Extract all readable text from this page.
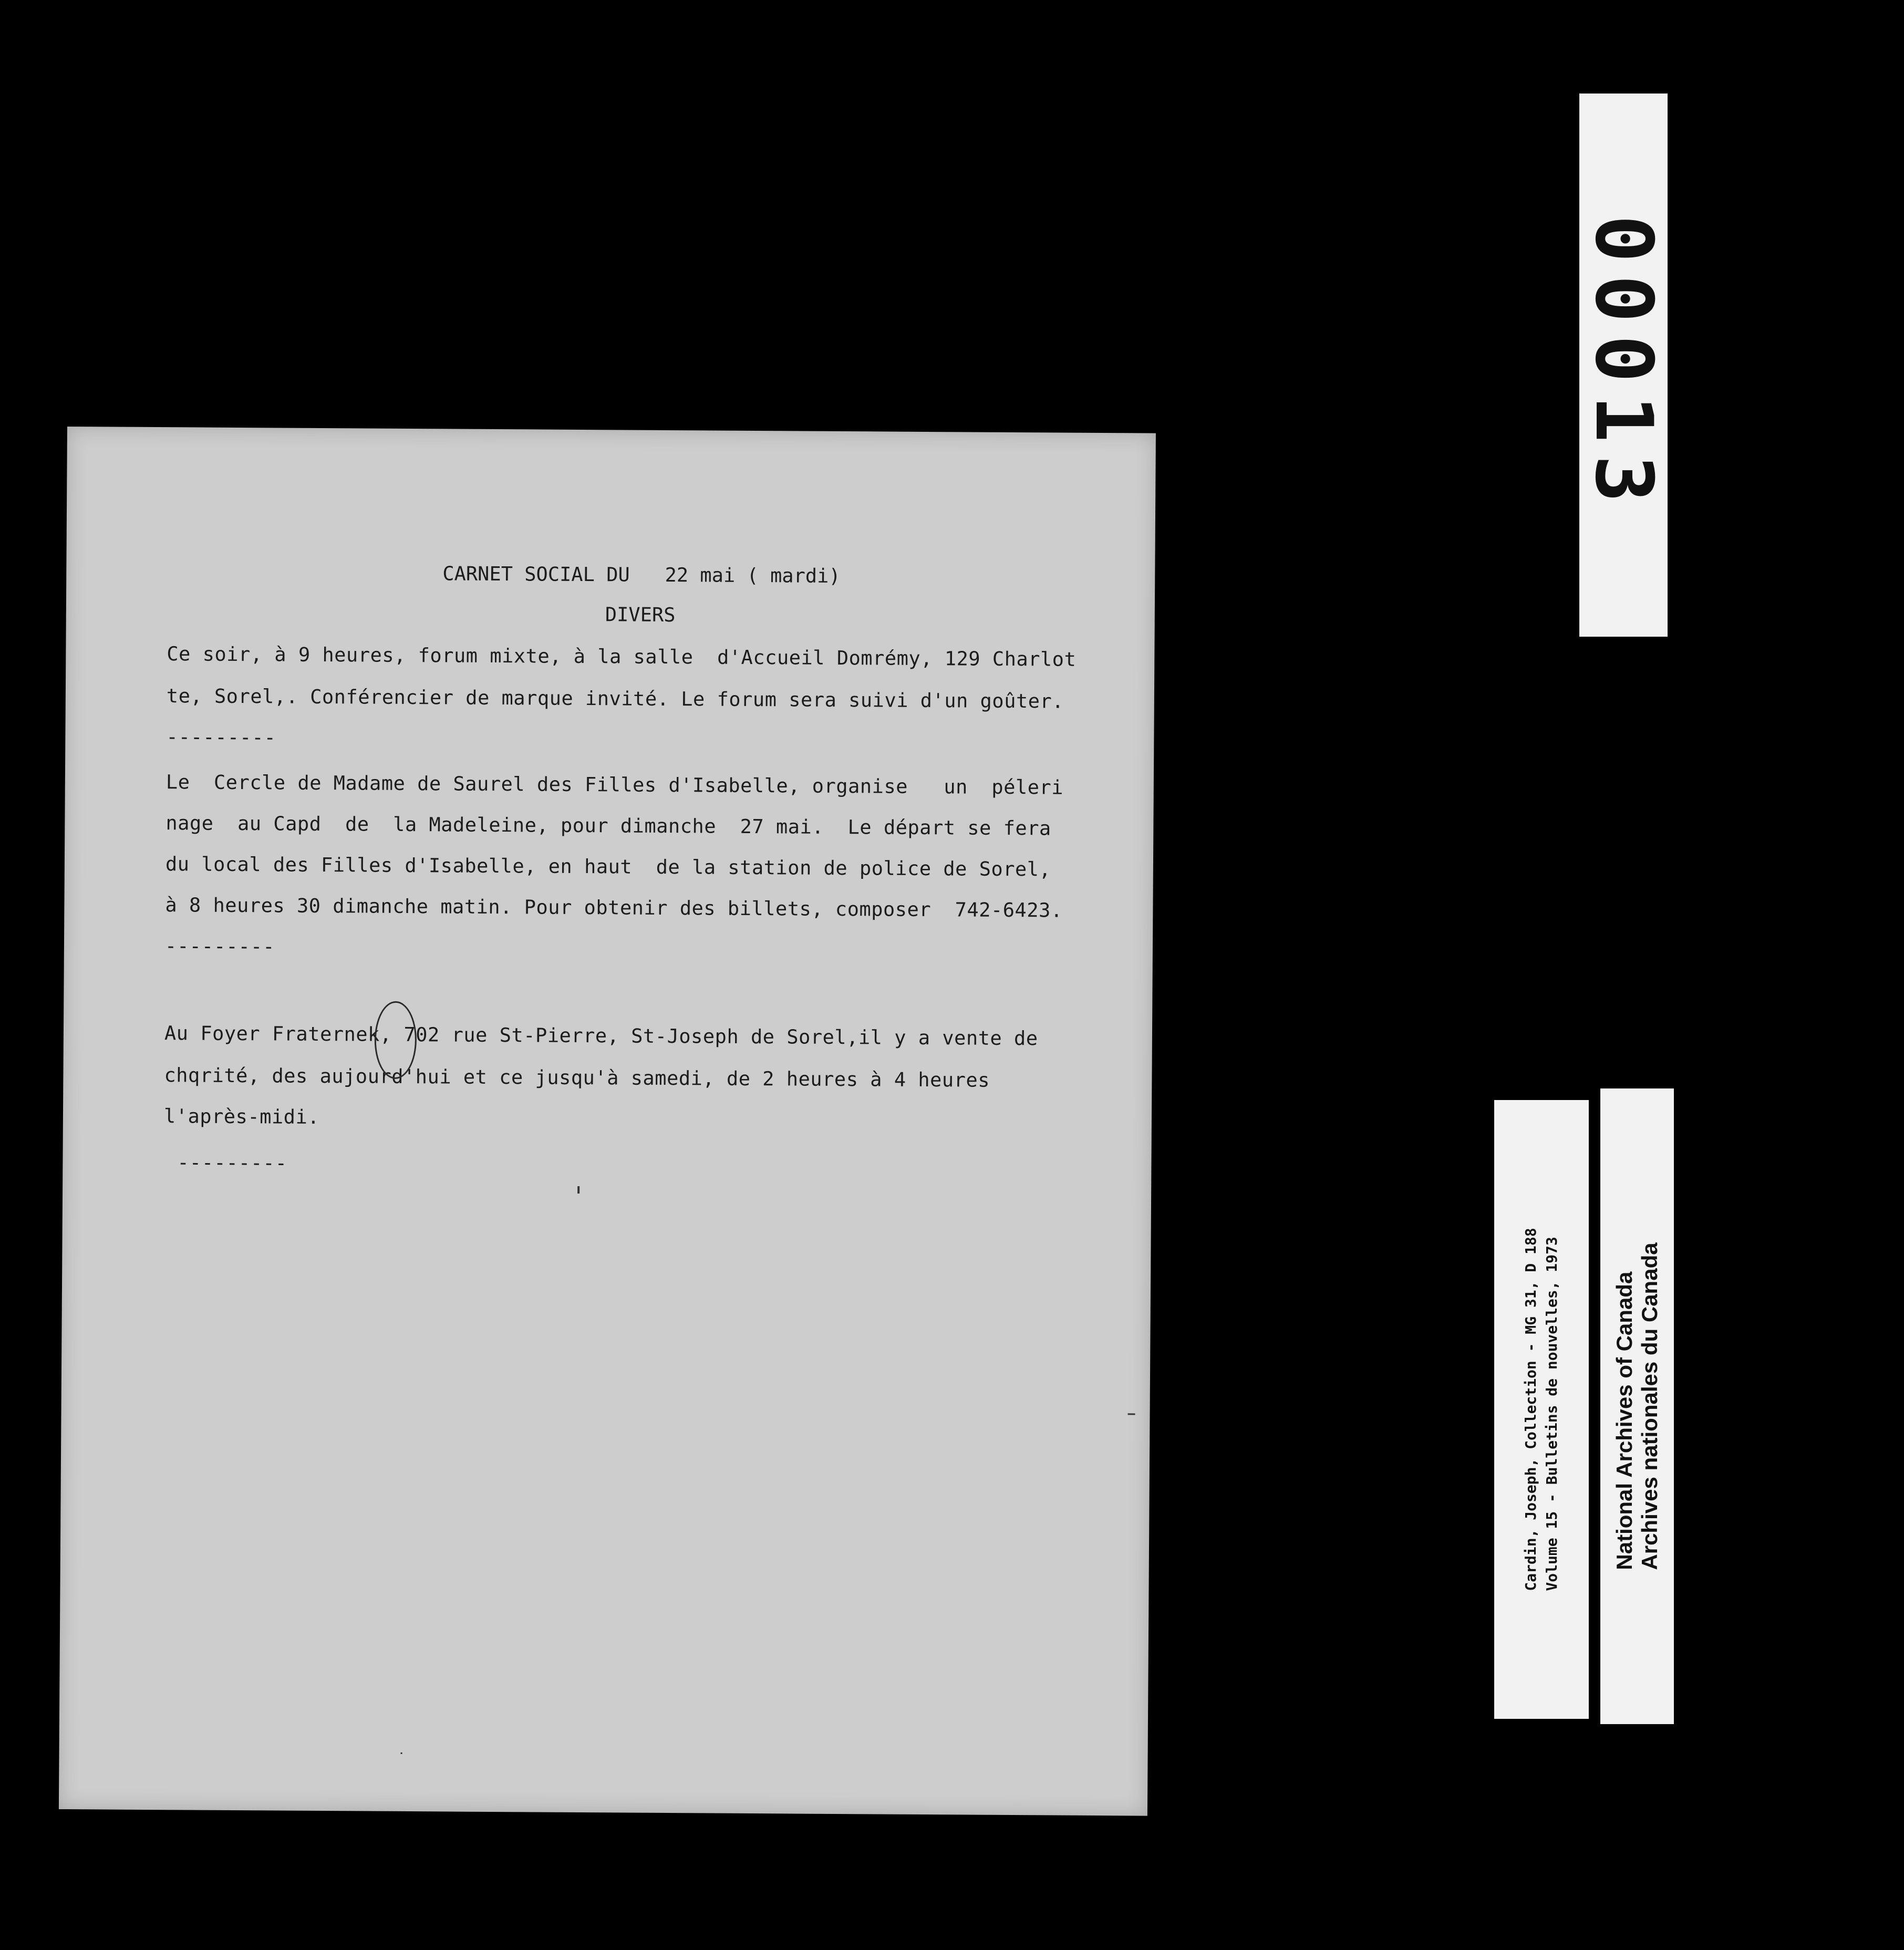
CARNET SOCIAL DU   22 mai ( mardi)
DIVERS
Ce soir, à 9 heures, forum mixte, à la salle  d'Accueil Domrémy, 129 Charlot
te, Sorel,. Conférencier de marque invité. Le forum sera suivi d'un goûter.
---------
Le  Cercle de Madame de Saurel des Filles d'Isabelle, organise   un  péleri
nage  au Capd  de  la Madeleine, pour dimanche  27 mai.  Le départ se fera
du local des Filles d'Isabelle, en haut  de la station de police de Sorel,
à 8 heures 30 dimanche matin. Pour obtenir des billets, composer  742-6423.
---------
Au Foyer Fraternek, 702 rue St-Pierre, St-Joseph de Sorel,il y a vente de
chqrité, des aujourd'hui et ce jusqu'à samedi, de 2 heures à 4 heures
l'après-midi.
---------
00013
Cardin, Joseph, Collection - MG 31, D 188 Volume 15 - Bulletins de nouvelles, 1973 National Archives of Canada Archives nationales du Canada
